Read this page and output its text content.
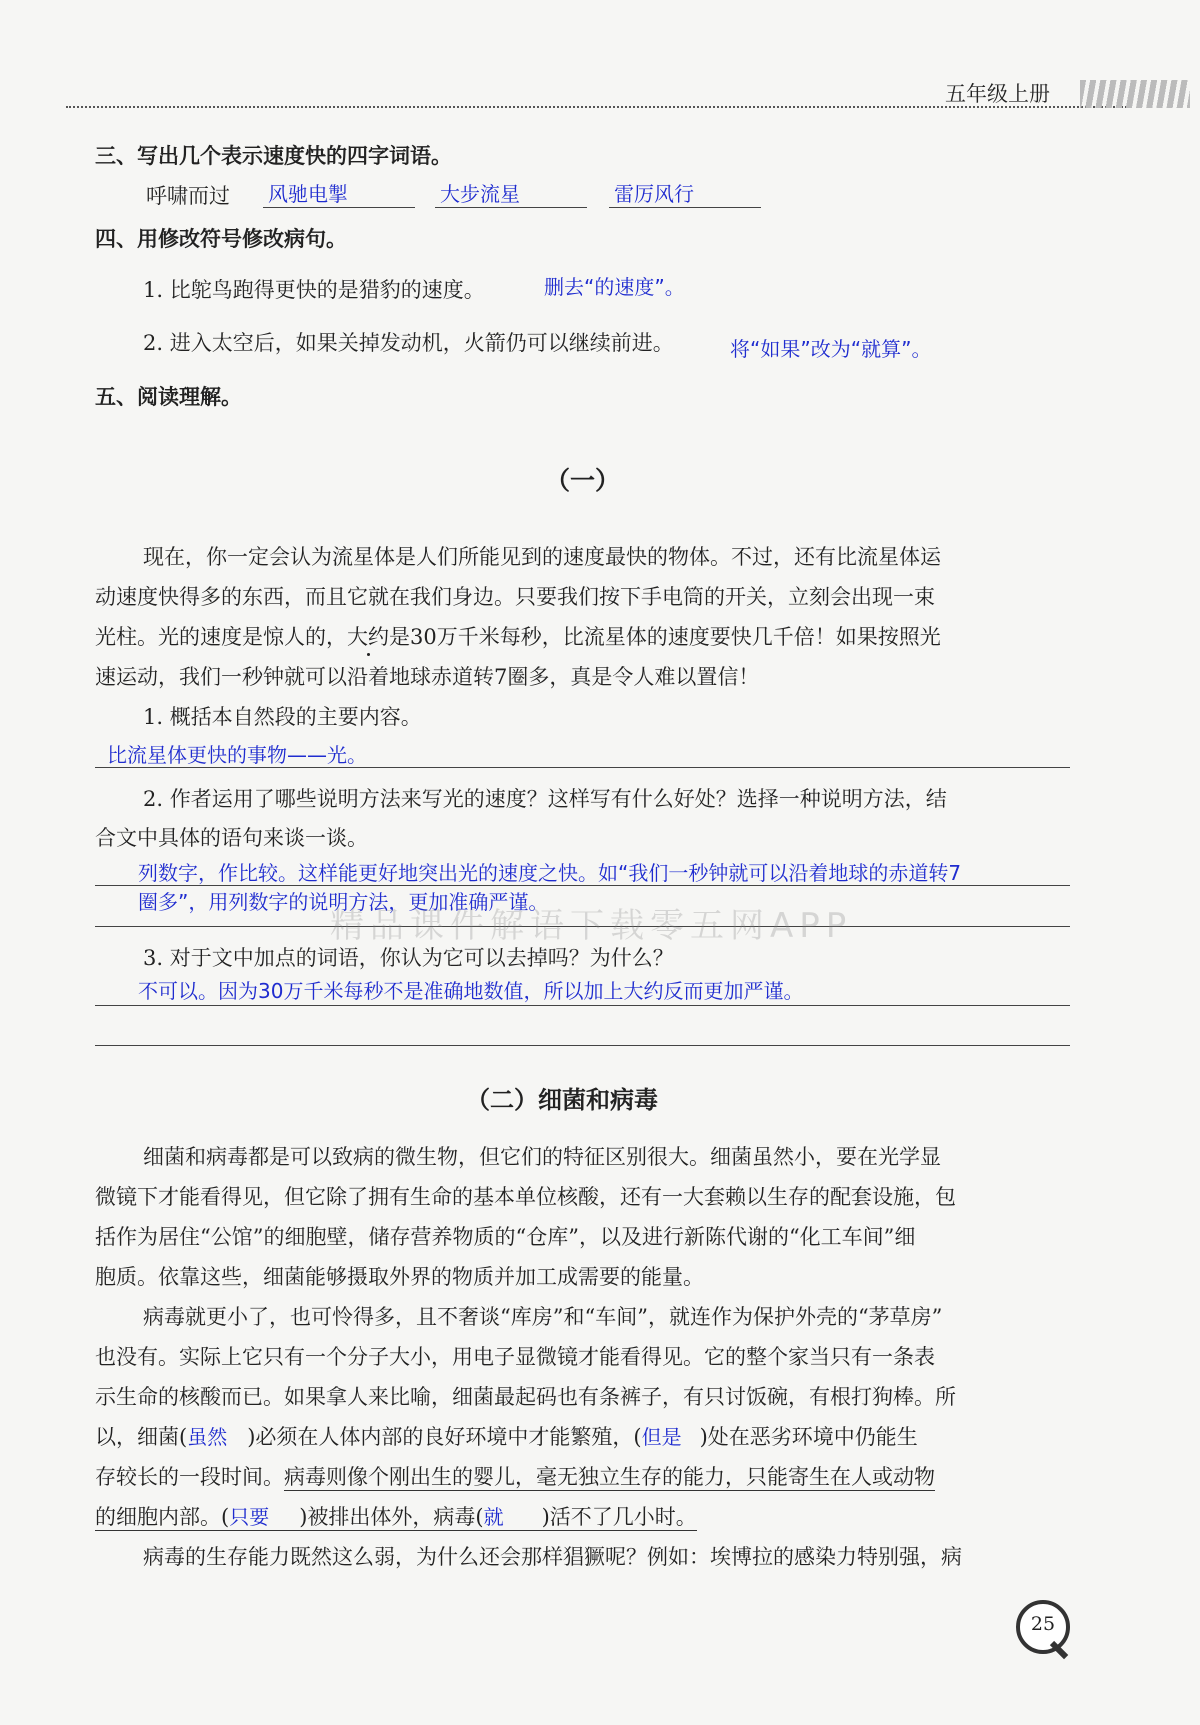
五年级上册
三、写出几个表示速度快的四字词语。
呼啸而过 风驰电掣	大步流星	雷厉风行
四、用修改符号修改病句。
1. 比鸵鸟跑得更快的是猎豹的速度。	删去“的速度”。
2. 进入太空后，如果关掉发动机，火箭仍可以继续前进。	将“如果”改为“就算”。
五、阅读理解。
（一）
现在，你一定会认为流星体是人们所能见到的速度最快的物体。不过，还有比流星体运
动速度快得多的东西，而且它就在我们身边。只要我们按下手电筒的开关，立刻会出现一束
光柱。光的速度是惊人的，大约是30万千米每秒，比流星体的速度要快几千倍！如果按照光
速运动，我们一秒钟就可以沿着地球赤道转7圈多，真是令人难以置信！
1. 概括本自然段的主要内容。
比流星体更快的事物——光。
2. 作者运用了哪些说明方法来写光的速度？这样写有什么好处？选择一种说明方法，结
合文中具体的语句来谈一谈。
列数字，作比较。这样能更好地突出光的速度之快。如“我们一秒钟就可以沿着地球的赤道转7
圈多”，用列数字的说明方法，更加准确严谨。
3. 对于文中加点的词语，你认为它可以去掉吗？为什么？
不可以。因为30万千米每秒不是准确地数值，所以加上大约反而更加严谨。
精品课件解语下载零五网APP
（二）细菌和病毒
细菌和病毒都是可以致病的微生物，但它们的特征区别很大。细菌虽然小，要在光学显
微镜下才能看得见，但它除了拥有生命的基本单位核酸，还有一大套赖以生存的配套设施，包
括作为居住“公馆”的细胞壁，储存营养物质的“仓库”，以及进行新陈代谢的“化工车间”细
胞质。依靠这些，细菌能够摄取外界的物质并加工成需要的能量。
病毒就更小了，也可怜得多，且不奢谈“库房”和“车间”，就连作为保护外壳的“茅草房”
也没有。实际上它只有一个分子大小，用电子显微镜才能看得见。它的整个家当只有一条表
示生命的核酸而已。如果拿人来比喻，细菌最起码也有条裤子，有只讨饭碗，有根打狗棒。所
以，细菌(虽然 )必须在人体内部的良好环境中才能繁殖，(但是 )处在恶劣环境中仍能生
存较长的一段时间。病毒则像个刚出生的婴儿，毫无独立生存的能力，只能寄生在人或动物
的细胞内部。(只要 )被排出体外，病毒(就 )活不了几小时。
病毒的生存能力既然这么弱，为什么还会那样猖獗呢？例如：埃博拉的感染力特别强，病
25
